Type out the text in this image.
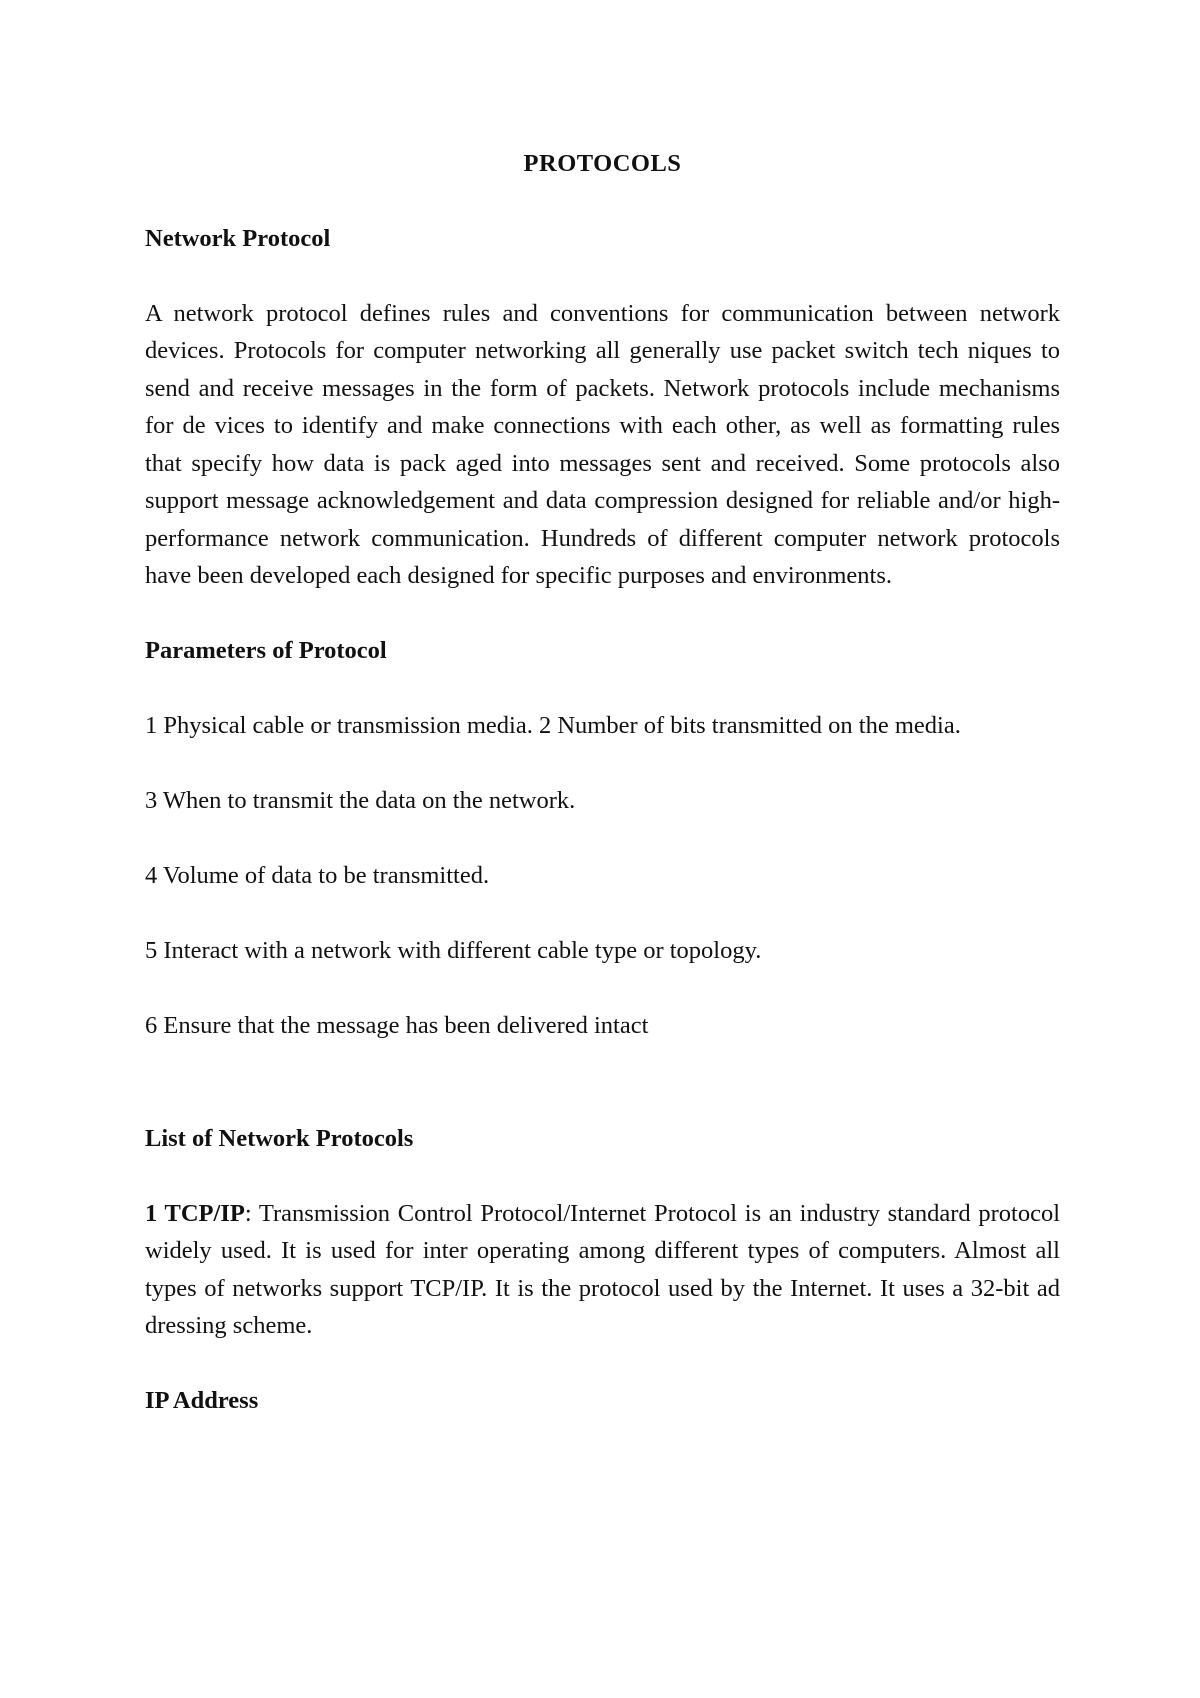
PROTOCOLS
Network Protocol
A network protocol defines rules and conventions for communication between network devices. Protocols for computer networking all generally use packet switch tech niques to send and receive messages in the form of packets. Network protocols include mechanisms for de vices to identify and make connections with each other, as well as formatting rules that specify how data is pack aged into messages sent and received. Some protocols also support message acknowledgement and data compression designed for reliable and/or high-performance network communication. Hundreds of different computer network protocols have been developed each designed for specific purposes and environments.
Parameters of Protocol
1 Physical cable or transmission media. 2 Number of bits transmitted on the media.
3 When to transmit the data on the network.
4 Volume of data to be transmitted.
5 Interact with a network with different cable type or topology.
6 Ensure that the message has been delivered intact
List of Network Protocols
1 TCP/IP: Transmission Control Protocol/Internet Protocol is an industry standard protocol widely used. It is used for inter operating among different types of computers. Almost all types of networks support TCP/IP. It is the protocol used by the Internet. It uses a 32-bit ad dressing scheme.
IP Address
